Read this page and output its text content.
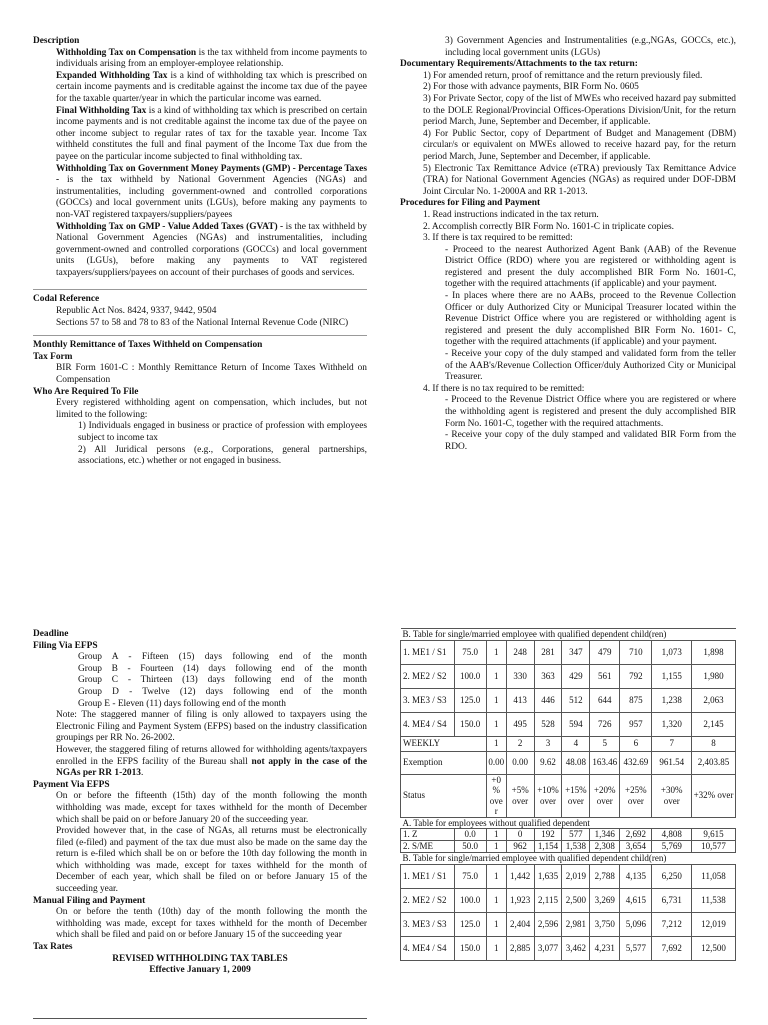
Description
Withholding Tax on Compensation is the tax withheld from income payments to individuals arising from an employer-employee relationship.
Expanded Withholding Tax is a kind of withholding tax which is prescribed on certain income payments and is creditable against the income tax due of the payee for the taxable quarter/year in which the particular income was earned.
Final Withholding Tax is a kind of withholding tax which is prescribed on certain income payments and is not creditable against the income tax due of the payee on other income subject to regular rates of tax for the taxable year. Income Tax withheld constitutes the full and final payment of the Income Tax due from the payee on the particular income subjected to final withholding tax.
Withholding Tax on Government Money Payments (GMP) - Percentage Taxes - is the tax withheld by National Government Agencies (NGAs) and instrumentalities, including government-owned and controlled corporations (GOCCs) and local government units (LGUs), before making any payments to non-VAT registered taxpayers/suppliers/payees
Withholding Tax on GMP - Value Added Taxes (GVAT) - is the tax withheld by National Government Agencies (NGAs) and instrumentalities, including government-owned and controlled corporations (GOCCs) and local government units (LGUs), before making any payments to VAT registered taxpayers/suppliers/payees on account of their purchases of goods and services.
Codal Reference
Republic Act Nos. 8424, 9337, 9442, 9504
Sections 57 to 58 and 78 to 83 of the National Internal Revenue Code (NIRC)
Monthly Remittance of Taxes Withheld on Compensation
Tax Form
BIR Form 1601-C : Monthly Remittance Return of Income Taxes Withheld on Compensation
Who Are Required To File
Every registered withholding agent on compensation, which includes, but not limited to the following:
1) Individuals engaged in business or practice of profession with employees subject to income tax
2) All Juridical persons (e.g., Corporations, general partnerships, associations, etc.) whether or not engaged in business.
3) Government Agencies and Instrumentalities (e.g.,NGAs, GOCCs, etc.), including local government units (LGUs)
Documentary Requirements/Attachments to the tax return:
1) For amended return, proof of remittance and the return previously filed.
2) For those with advance payments, BIR Form No. 0605
3) For Private Sector, copy of the list of MWEs who received hazard pay submitted to the DOLE Regional/Provincial Offices-Operations Division/Unit, for the return period March, June, September and December, if applicable.
4) For Public Sector, copy of Department of Budget and Management (DBM) circular/s or equivalent on MWEs allowed to receive hazard pay, for the return period March, June, September and December, if applicable.
5) Electronic Tax Remittance Advice (eTRA) previously Tax Remittance Advice (TRA) for National Government Agencies (NGAs) as required under DOF-DBM Joint Circular No. 1-2000A and RR 1-2013.
Procedures for Filing and Payment
1. Read instructions indicated in the tax return.
2. Accomplish correctly BIR Form No. 1601-C in triplicate copies.
3. If there is tax required to be remitted:
- Proceed to the nearest Authorized Agent Bank (AAB) of the Revenue District Office (RDO) where you are registered or withholding agent is registered and present the duly accomplished BIR Form No. 1601-C, together with the required attachments (if applicable) and your payment.
- In places where there are no AABs, proceed to the Revenue Collection Officer or duly Authorized City or Municipal Treasurer located within the Revenue District Office where you are registered or withholding agent is registered and present the duly accomplished BIR Form No. 1601- C, together with the required attachments (if applicable) and your payment.
- Receive your copy of the duly stamped and validated form from the teller of the AAB's/Revenue Collection Officer/duly Authorized City or Municipal Treasurer.
4. If there is no tax required to be remitted:
- Proceed to the Revenue District Office where you are registered or where the withholding agent is registered and present the duly accomplished BIR Form No. 1601-C, together with the required attachments.
- Receive your copy of the duly stamped and validated BIR Form from the RDO.
Deadline
Filing Via EFPS
Group A - Fifteen (15) days following end of the month
Group B - Fourteen (14) days following end of the month
Group C - Thirteen (13) days following end of the month
Group D - Twelve (12) days following end of the month
Group E - Eleven (11) days following end of the month
Note: The staggered manner of filing is only allowed to taxpayers using the Electronic Filing and Payment System (EFPS) based on the industry classification groupings per RR No. 26-2002.
However, the staggered filing of returns allowed for withholding agents/taxpayers enrolled in the EFPS facility of the Bureau shall not apply in the case of the NGAs per RR 1-2013.
Payment Via EFPS
On or before the fifteenth (15th) day of the month following the month withholding was made, except for taxes withheld for the month of December which shall be paid on or before January 20 of the succeeding year.
Provided however that, in the case of NGAs, all returns must be electronically filed (e-filed) and payment of the tax due must also be made on the same day the return is e-filed which shall be on or before the 10th day following the month in which withholding was made, except for taxes withheld for the month of December of each year, which shall be filed on or before January 15 of the succeeding year.
Manual Filing and Payment
On or before the tenth (10th) day of the month following the month the withholding was made, except for taxes withheld for the month of December which shall be filed and paid on or before January 15 of the succeeding year
Tax Rates
REVISED WITHHOLDING TAX TABLES
Effective January 1, 2009
B. Table for single/married employee with qualified dependent child(ren)									
1. ME1 / S1	75.0	1	248	281	347	479	710	1,073	1,898
2. ME2 / S2	100.0	1	330	363	429	561	792	1,155	1,980
3. ME3 / S3	125.0	1	413	446	512	644	875	1,238	2,063
4. ME4 / S4	150.0	1	495	528	594	726	957	1,320	2,145
WEEKLY		1	2	3	4	5	6	7	8
Exemption		0.00	0.00	9.62	48.08	163.46	432.69	961.54	2,403.85
Status		+0 % ove r	+5% over	+10% over	+15% over	+20% over	+25% over	+30% over	+32% over
A. Table for employees without qualified dependent									
1. Z	0.0	1	0	192	577	1,346	2,692	4,808	9,615
2. S/ME	50.0	1	962	1,154	1,538	2,308	3,654	5,769	10,577
B. Table for single/married employee with qualified dependent child(ren)									
1. ME1 / S1	75.0	1	1,442	1,635	2,019	2,788	4,135	6,250	11,058
2. ME2 / S2	100.0	1	1,923	2,115	2,500	3,269	4,615	6,731	11,538
3. ME3 / S3	125.0	1	2,404	2,596	2,981	3,750	5,096	7,212	12,019
4. ME4 / S4	150.0	1	2,885	3,077	3,462	4,231	5,577	7,692	12,500
